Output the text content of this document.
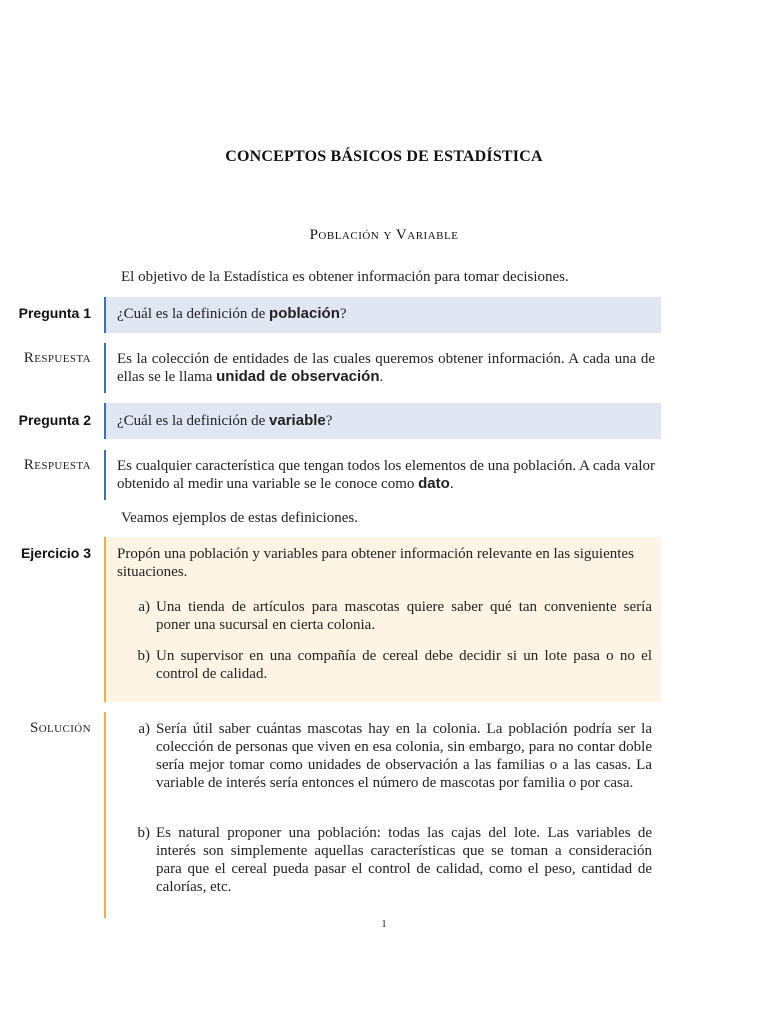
CONCEPTOS BÁSICOS DE ESTADÍSTICA
Población y Variable
El objetivo de la Estadística es obtener información para tomar decisiones.
Pregunta 1 ¿Cuál es la definición de población?
Respuesta Es la colección de entidades de las cuales queremos obtener información. A cada una de ellas se le llama unidad de observación.
Pregunta 2 ¿Cuál es la definición de variable?
Respuesta Es cualquier característica que tengan todos los elementos de una población. A cada valor obtenido al medir una variable se le conoce como dato.
Veamos ejemplos de estas definiciones.
Ejercicio 3 Propón una población y variables para obtener información relevante en las siguientes situaciones.
a) Una tienda de artículos para mascotas quiere saber qué tan conveniente sería poner una sucursal en cierta colonia.
b) Un supervisor en una compañía de cereal debe decidir si un lote pasa o no el control de calidad.
Solución	a) Sería útil saber cuántas mascotas hay en la colonia. La población podría ser la colección de personas que viven en esa colonia, sin embargo, para no contar doble sería mejor tomar como unidades de observación a las familias o a las casas. La variable de interés sería entonces el número de mascotas por familia o por casa.
b) Es natural proponer una población: todas las cajas del lote. Las variables de interés son simplemente aquellas características que se toman a consideración para que el cereal pueda pasar el control de calidad, como el peso, cantidad de calorías, etc.
1
